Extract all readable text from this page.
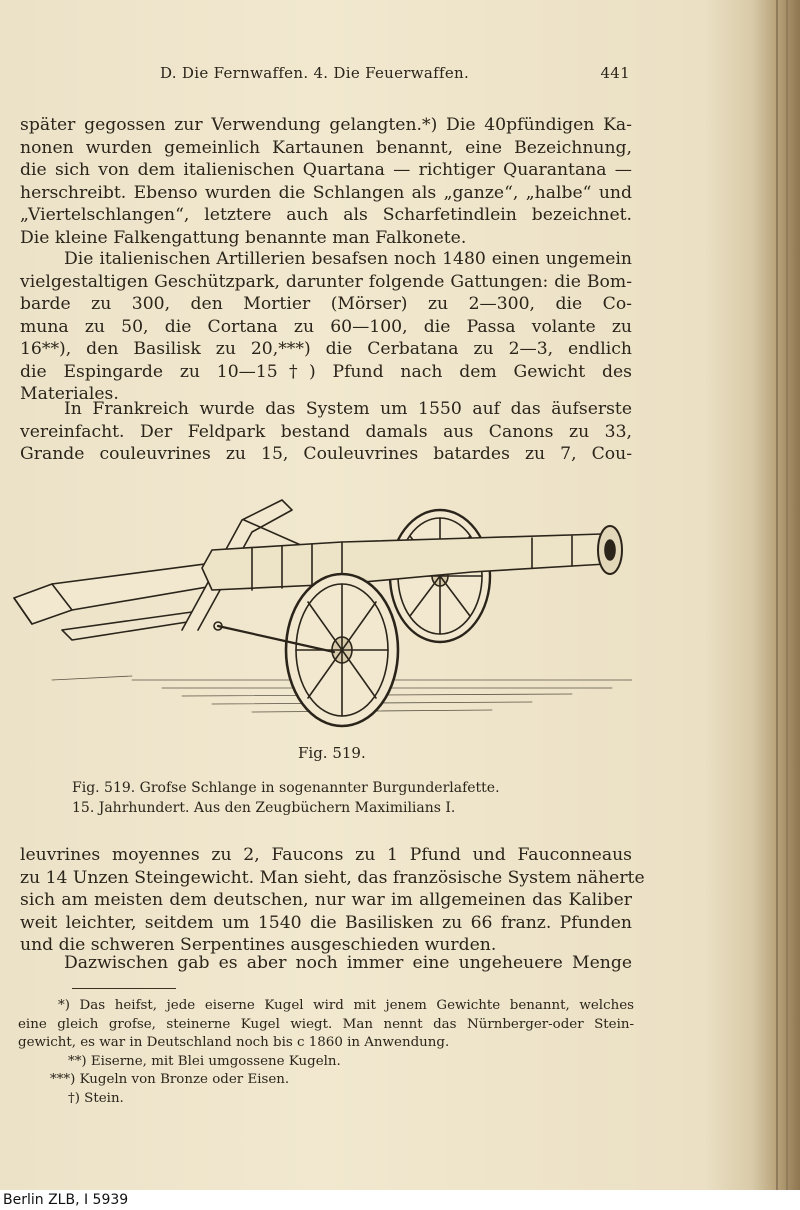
D. Die Fernwaffen. 4. Die Feuerwaffen.	441

später gegossen zur Verwendung gelangten.*) Die 40pfündigen Ka-
nonen wurden gemeinlich Kartaunen benannt, eine Bezeichnung,
die sich von dem italienischen Quartana — richtiger Quarantana —
herschreibt. Ebenso wurden die Schlangen als „ganze“, „halbe“ und
„Viertelschlangen“, letztere auch als Scharfetindlein bezeichnet.
Die kleine Falkengattung benannte man Falkonete.

Die italienischen Artillerien besafsen noch 1480 einen ungemein
vielgestaltigen Geschützpark, darunter folgende Gattungen: die Bom-
barde zu 300, den Mortier (Mörser) zu 2—300, die Co-
muna zu 50, die Cortana zu 60—100, die Passa volante zu
16**), den Basilisk zu 20,***) die Cerbatana zu 2—3, endlich
die Espingarde zu 10—15†) Pfund nach dem Gewicht des
Materiales.

In Frankreich wurde das System um 1550 auf das äufserste
vereinfacht. Der Feldpark bestand damals aus Canons zu 33,
Grande couleuvrines zu 15, Couleuvrines batardes zu 7, Cou-

Fig. 519.
Fig. 519. Grofse Schlange in sogenannter Burgunderlafette.
15. Jahrhundert. Aus den Zeugbüchern Maximilians I.

leuvrines moyennes zu 2, Faucons zu 1 Pfund und Fauconneaus
zu 14 Unzen Steingewicht. Man sieht, das französische System näherte
sich am meisten dem deutschen, nur war im allgemeinen das Kaliber
weit leichter, seitdem um 1540 die Basilisken zu 66 franz. Pfunden
und die schweren Serpentines ausgeschieden wurden.

Dazwischen gab es aber noch immer eine ungeheuere Menge

*) Das heifst, jede eiserne Kugel wird mit jenem Gewichte benannt, welches
eine gleich grofse, steinerne Kugel wiegt. Man nennt das Nürnberger-oder Stein-
gewicht, es war in Deutschland noch bis c 1860 in Anwendung.
**) Eiserne, mit Blei umgossene Kugeln.
***) Kugeln von Bronze oder Eisen.
†) Stein.
Berlin ZLB, I 5939
